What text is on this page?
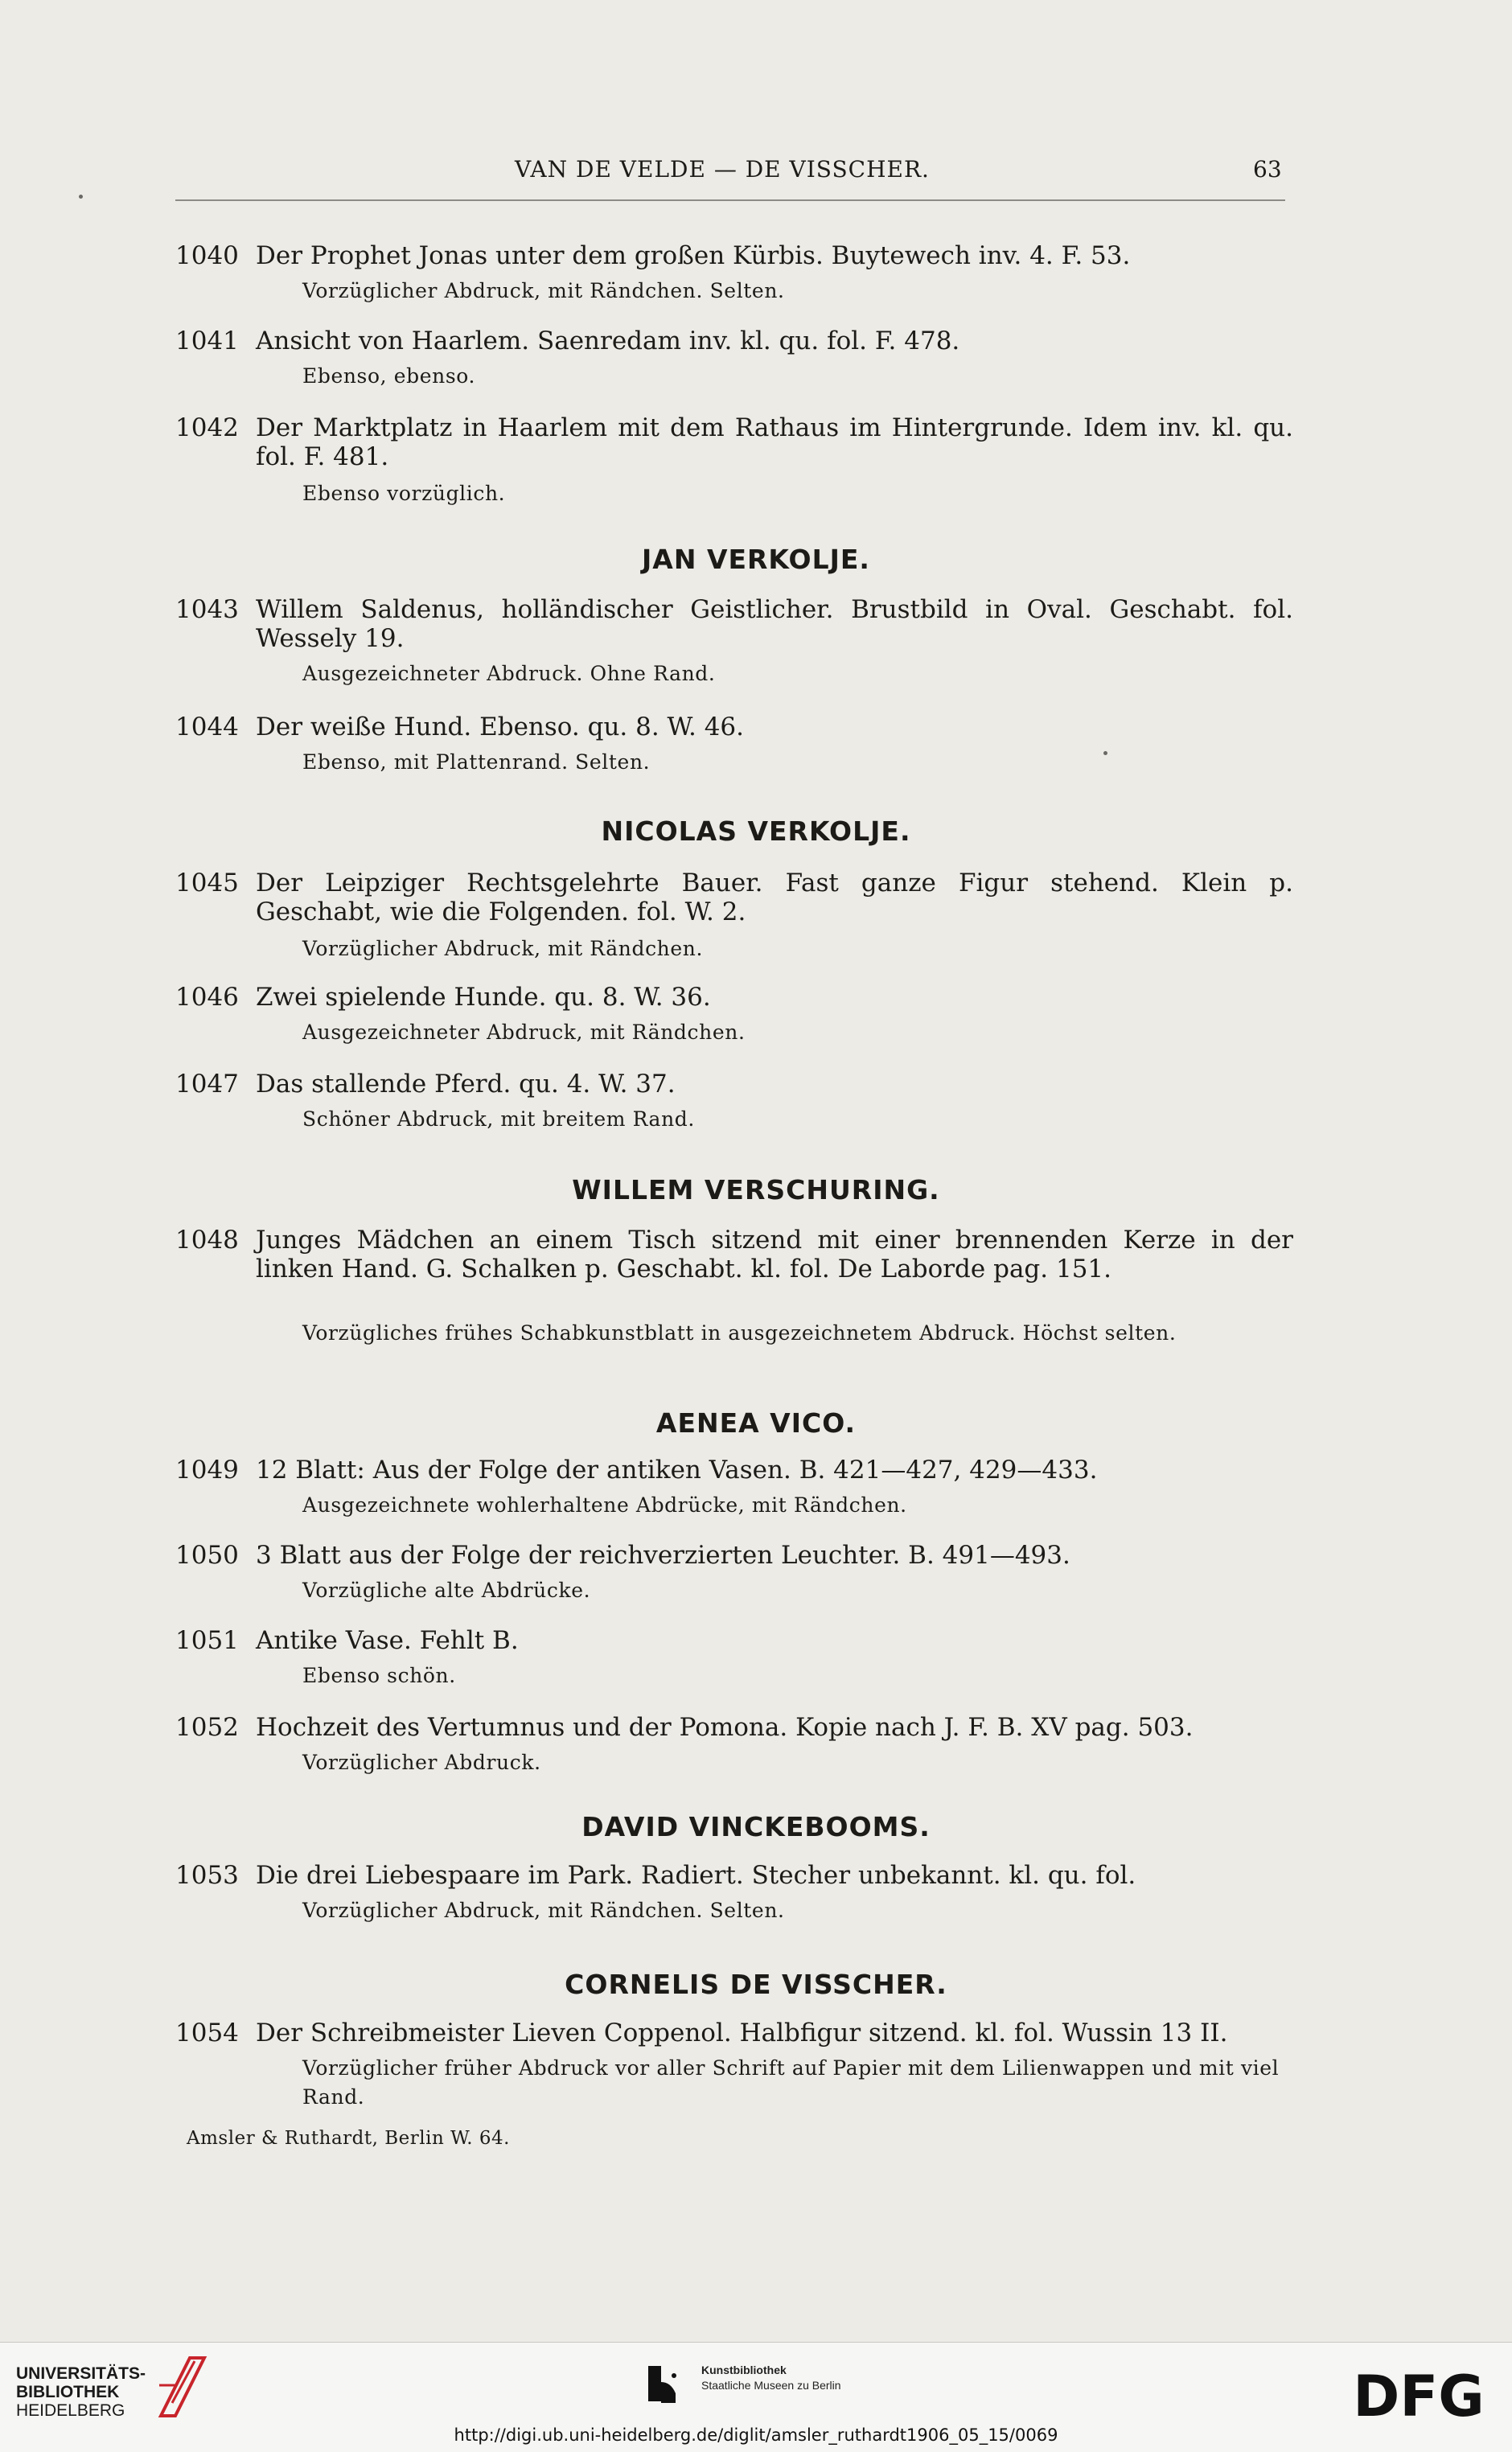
VAN DE VELDE — DE VISSCHER.	63
1040 Der Prophet Jonas unter dem großen Kürbis. Buytewech inv. 4. F. 53.
Vorzüglicher Abdruck, mit Rändchen. Selten.
1041 Ansicht von Haarlem. Saenredam inv. kl. qu. fol. F. 478.
Ebenso, ebenso.
1042 Der Marktplatz in Haarlem mit dem Rathaus im Hintergrunde. Idem inv. kl. qu. fol. F. 481.
Ebenso vorzüglich.
JAN VERKOLJE.
1043 Willem Saldenus, holländischer Geistlicher. Brustbild in Oval. Geschabt. fol. Wessely 19.
Ausgezeichneter Abdruck. Ohne Rand.
1044 Der weiße Hund. Ebenso. qu. 8. W. 46.
Ebenso, mit Plattenrand. Selten.
NICOLAS VERKOLJE.
1045 Der Leipziger Rechtsgelehrte Bauer. Fast ganze Figur stehend. Klein p. Geschabt, wie die Folgenden. fol. W. 2.
Vorzüglicher Abdruck, mit Rändchen.
1046 Zwei spielende Hunde. qu. 8. W. 36.
Ausgezeichneter Abdruck, mit Rändchen.
1047 Das stallende Pferd. qu. 4. W. 37.
Schöner Abdruck, mit breitem Rand.
WILLEM VERSCHURING.
1048 Junges Mädchen an einem Tisch sitzend mit einer brennenden Kerze in der linken Hand. G. Schalken p. Geschabt. kl. fol. De Laborde pag. 151.
Vorzügliches frühes Schabkunstblatt in ausgezeichnetem Abdruck. Höchst selten.
AENEA VICO.
1049 12 Blatt: Aus der Folge der antiken Vasen. B. 421—427, 429—433.
Ausgezeichnete wohlerhaltene Abdrücke, mit Rändchen.
1050 3 Blatt aus der Folge der reichverzierten Leuchter. B. 491—493.
Vorzügliche alte Abdrücke.
1051 Antike Vase. Fehlt B.
Ebenso schön.
1052 Hochzeit des Vertumnus und der Pomona. Kopie nach J. F. B. XV pag. 503.
Vorzüglicher Abdruck.
DAVID VINCKEBOOMS.
1053 Die drei Liebespaare im Park. Radiert. Stecher unbekannt. kl. qu. fol.
Vorzüglicher Abdruck, mit Rändchen. Selten.
CORNELIS DE VISSCHER.
1054 Der Schreibmeister Lieven Coppenol. Halbfigur sitzend. kl. fol. Wussin 13 II.
Vorzüglicher früher Abdruck vor aller Schrift auf Papier mit dem Lilienwappen und mit viel Rand.
Amsler & Ruthardt, Berlin W. 64.
UNIVERSITÄTS-
BIBLIOTHEK
HEIDELBERG
Kunstbibliothek
Staatliche Museen zu Berlin	DFG
http://digi.ub.uni-heidelberg.de/diglit/amsler_ruthardt1906_05_15/0069
